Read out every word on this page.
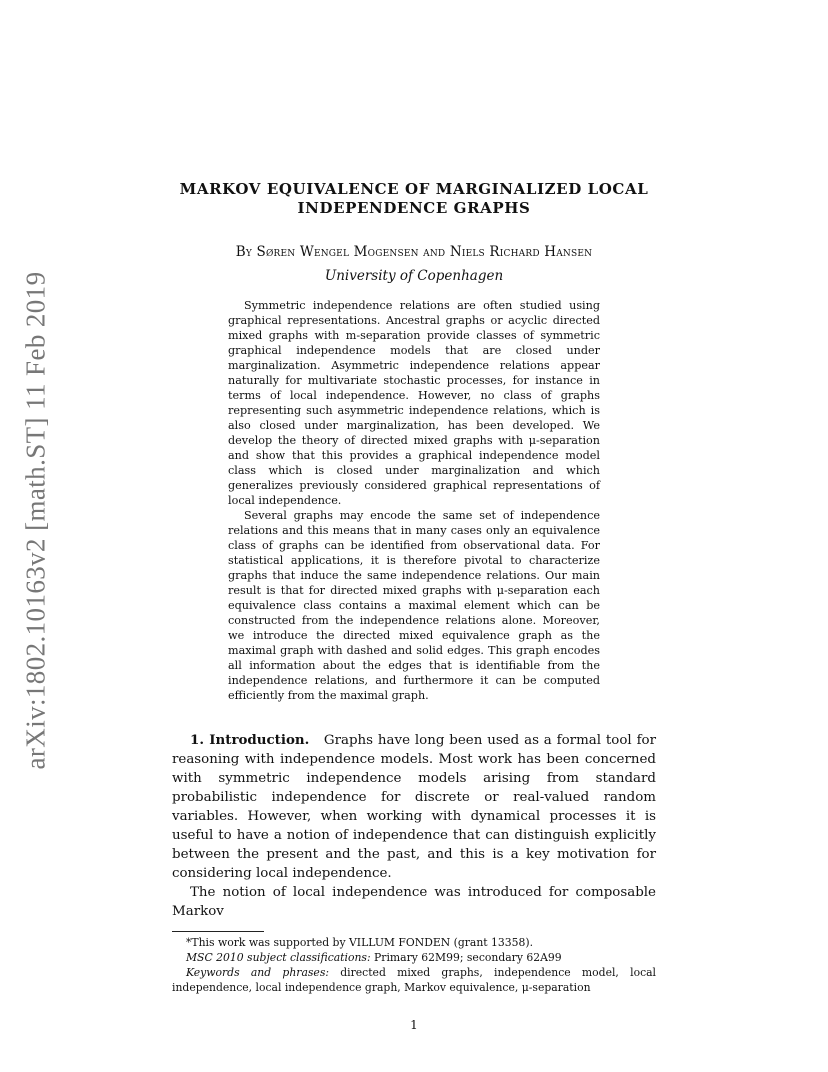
arXiv:1802.10163v2 [math.ST] 11 Feb 2019
MARKOV EQUIVALENCE OF MARGINALIZED LOCAL
INDEPENDENCE GRAPHS
By Søren Wengel Mogensen and Niels Richard Hansen
University of Copenhagen

Symmetric independence relations are often studied using graphical representations. Ancestral graphs or acyclic directed mixed graphs with m-separation provide classes of symmetric graphical independence models that are closed under marginalization. Asymmetric independence relations appear naturally for multivariate stochastic processes, for instance in terms of local independence. However, no class of graphs representing such asymmetric independence relations, which is also closed under marginalization, has been developed. We develop the theory of directed mixed graphs with μ-separation and show that this provides a graphical independence model class which is closed under marginalization and which generalizes previously considered graphical representations of local independence.

Several graphs may encode the same set of independence relations and this means that in many cases only an equivalence class of graphs can be identified from observational data. For statistical applications, it is therefore pivotal to characterize graphs that induce the same independence relations. Our main result is that for directed mixed graphs with μ-separation each equivalence class contains a maximal element which can be constructed from the independence relations alone. Moreover, we introduce the directed mixed equivalence graph as the maximal graph with dashed and solid edges. This graph encodes all information about the edges that is identifiable from the independence relations, and furthermore it can be computed efficiently from the maximal graph.

1. Introduction. Graphs have long been used as a formal tool for reasoning with independence models. Most work has been concerned with symmetric independence models arising from standard probabilistic independence for discrete or real-valued random variables. However, when working with dynamical processes it is useful to have a notion of independence that can distinguish explicitly between the present and the past, and this is a key motivation for considering local independence.

The notion of local independence was introduced for composable Markov

*This work was supported by VILLUM FONDEN (grant 13358).

MSC 2010 subject classifications: Primary 62M99; secondary 62A99

Keywords and phrases: directed mixed graphs, independence model, local independence, local independence graph, Markov equivalence, μ-separation

1
